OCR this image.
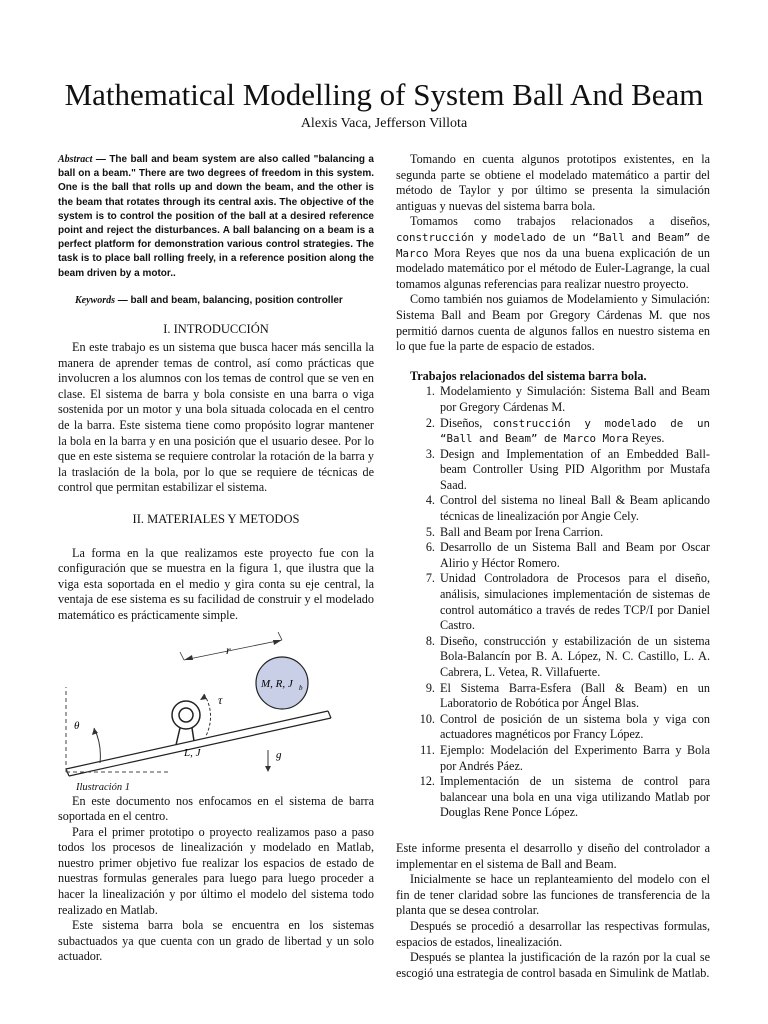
Mathematical Modelling of System Ball And Beam
Alexis Vaca, Jefferson Villota

Abstract — The ball and beam system are also called "balancing a ball on a beam." There are two degrees of freedom in this system. One is the ball that rolls up and down the beam, and the other is the beam that rotates through its central axis. The objective of the system is to control the position of the ball at a desired reference point and reject the disturbances. A ball balancing on a beam is a perfect platform for demonstration various control strategies. The task is to place ball rolling freely, in a reference position along the beam driven by a motor..

Keywords — ball and beam, balancing, position controller

I. INTRODUCCIÓN

En este trabajo es un sistema que busca hacer más sencilla la manera de aprender temas de control, así como prácticas que involucren a los alumnos con los temas de control que se ven en clase. El sistema de barra y bola consiste en una barra o viga sostenida por un motor y una bola situada colocada en el centro de la barra. Este sistema tiene como propósito lograr mantener la bola en la barra y en una posición que el usuario desee. Por lo que en este sistema se requiere controlar la rotación de la barra y la traslación de la bola, por lo que se requiere de técnicas de control que permitan estabilizar el sistema.

II. MATERIALES Y METODOS

La forma en la que realizamos este proyecto fue con la configuración que se muestra en la figura 1, que ilustra que la viga esta soportada en el medio y gira conta su eje central, la ventaja de ese sistema es su facilidad de construir y el modelado matemático es prácticamente simple.

r
M, R, J b
τ
θ
L, J	g
Ilustración 1

En este documento nos enfocamos en el sistema de barra soportada en el centro.

Para el primer prototipo o proyecto realizamos paso a paso todos los procesos de linealización y modelado en Matlab, nuestro primer objetivo fue realizar los espacios de estado de nuestras formulas generales para luego para luego proceder a hacer la linealización y por último el modelo del sistema todo realizado en Matlab.

Este sistema barra bola se encuentra en los sistemas subactuados ya que cuenta con un grado de libertad y un solo actuador.

Tomando en cuenta algunos prototipos existentes, en la segunda parte se obtiene el modelado matemático a partir del método de Taylor y por último se presenta la simulación antiguas y nuevas del sistema barra bola.

Tomamos como trabajos relacionados a diseños, construcción y modelado de un “Ball and Beam” de Marco Mora Reyes que nos da una buena explicación de un modelado matemático por el método de Euler-Lagrange, la cual tomamos algunas referencias para realizar nuestro proyecto.

Como también nos guiamos de Modelamiento y Simulación: Sistema Ball and Beam por Gregory Cárdenas M. que nos permitió darnos cuenta de algunos fallos en nuestro sistema en lo que fue la parte de espacio de estados.

Trabajos relacionados del sistema barra bola.

1. Modelamiento y Simulación: Sistema Ball and Beam por Gregory Cárdenas M.
2. Diseños, construcción y modelado de un “Ball and Beam” de Marco Mora Reyes.
3. Design and Implementation of an Embedded Ball-beam Controller Using PID Algorithm por Mustafa Saad.
4. Control del sistema no lineal Ball & Beam aplicando técnicas de linealización por Angie Cely.
5. Ball and Beam por Irena Carrion.
6. Desarrollo de un Sistema Ball and Beam por Oscar Alirio y Héctor Romero.
7. Unidad Controladora de Procesos para el diseño, análisis, simulaciones implementación de sistemas de control automático a través de redes TCP/I por Daniel Castro.
8. Diseño, construcción y estabilización de un sistema Bola-Balancín por B. A. López, N. C. Castillo, L. A. Cabrera, L. Vetea, R. Villafuerte.
9. El Sistema Barra-Esfera (Ball & Beam) en un Laboratorio de Robótica por Ángel Blas.
10. Control de posición de un sistema bola y viga con actuadores magnéticos por Francy López.
11. Ejemplo: Modelación del Experimento Barra y Bola por Andrés Páez.
12. Implementación de un sistema de control para balancear una bola en una viga utilizando Matlab por Douglas Rene Ponce López.

Este informe presenta el desarrollo y diseño del controlador a implementar en el sistema de Ball and Beam.

Inicialmente se hace un replanteamiento del modelo con el fin de tener claridad sobre las funciones de transferencia de la planta que se desea controlar.

Después se procedió a desarrollar las respectivas formulas, espacios de estados, linealización.

Después se plantea la justificación de la razón por la cual se escogió una estrategia de control basada en Simulink de Matlab.
